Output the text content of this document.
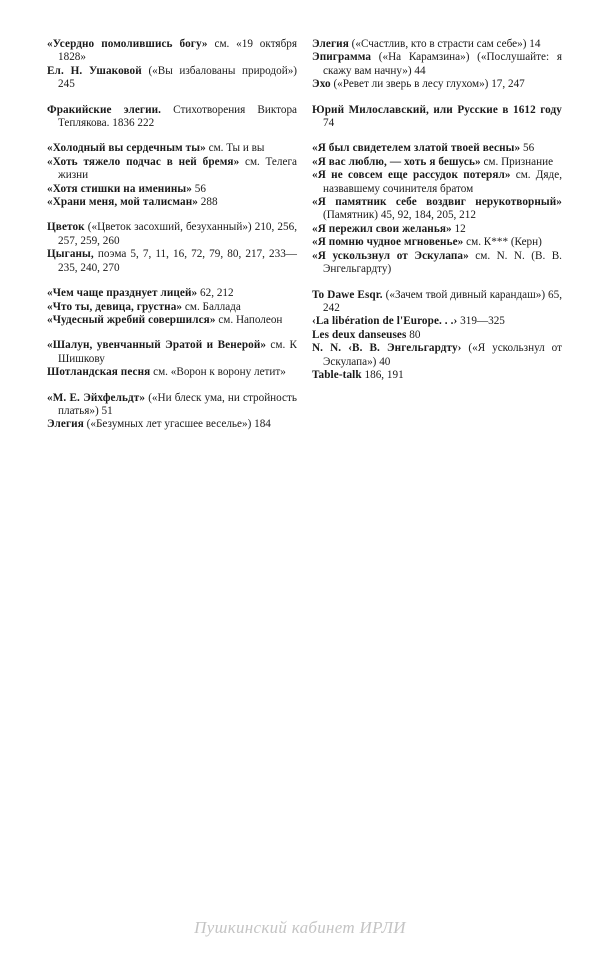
«Усердно помолившись богу» см. «19 октября 1828»

Ел. Н. Ушаковой («Вы избалованы природой») 245

Фракийские элегии. Стихотворения Виктора Теплякова. 1836 222

«Холодный вы сердечным ты» см. Ты и вы

«Хоть тяжело подчас в ней бремя» см. Телега жизни

«Хотя стишки на именины» 56

«Храни меня, мой талисман» 288

Цветок («Цветок засохший, безуханный») 210, 256, 257, 259, 260

Цыганы, поэма 5, 7, 11, 16, 72, 79, 80, 217, 233—235, 240, 270

«Чем чаще празднует лицей» 62, 212

«Что ты, девица, грустна» см. Баллада

«Чудесный жребий совершился» см. Наполеон

«Шалун, увенчанный Эратой и Венерой» см. К Шишкову

Шотландская песня см. «Ворон к ворону летит»

«М. Е. Эйхфельдт» («Ни блеск ума, ни стройность платья») 51

Элегия («Безумных лет угасшее веселье») 184

Элегия («Счастлив, кто в страсти сам себе») 14

Эпиграмма («На Карамзина») («Послушайте: я скажу вам начну») 44

Эхо («Ревет ли зверь в лесу глухом») 17, 247

Юрий Милославский, или Русские в 1612 году 74

«Я был свидетелем златой твоей весны» 56

«Я вас люблю, — хоть я бешусь» см. Признание

«Я не совсем еще рассудок потерял» см. Дяде, назвавшему сочинителя братом

«Я памятник себе воздвиг нерукотворный» (Памятник) 45, 92, 184, 205, 212

«Я пережил свои желанья» 12

«Я помню чудное мгновенье» см. К*** (Керн)

«Я ускользнул от Эскулапа» см. N. N. (В. В. Энгельгардту)

To Dawe Esqr. («Зачем твой дивный карандаш») 65, 242

‹La libération de l'Europe. . .› 319—325

Les deux danseuses 80

N. N. ‹В. В. Энгельгардту› («Я ускользнул от Эскулапа») 40

Table-talk 186, 191

Пушкинский кабинет ИРЛИ
